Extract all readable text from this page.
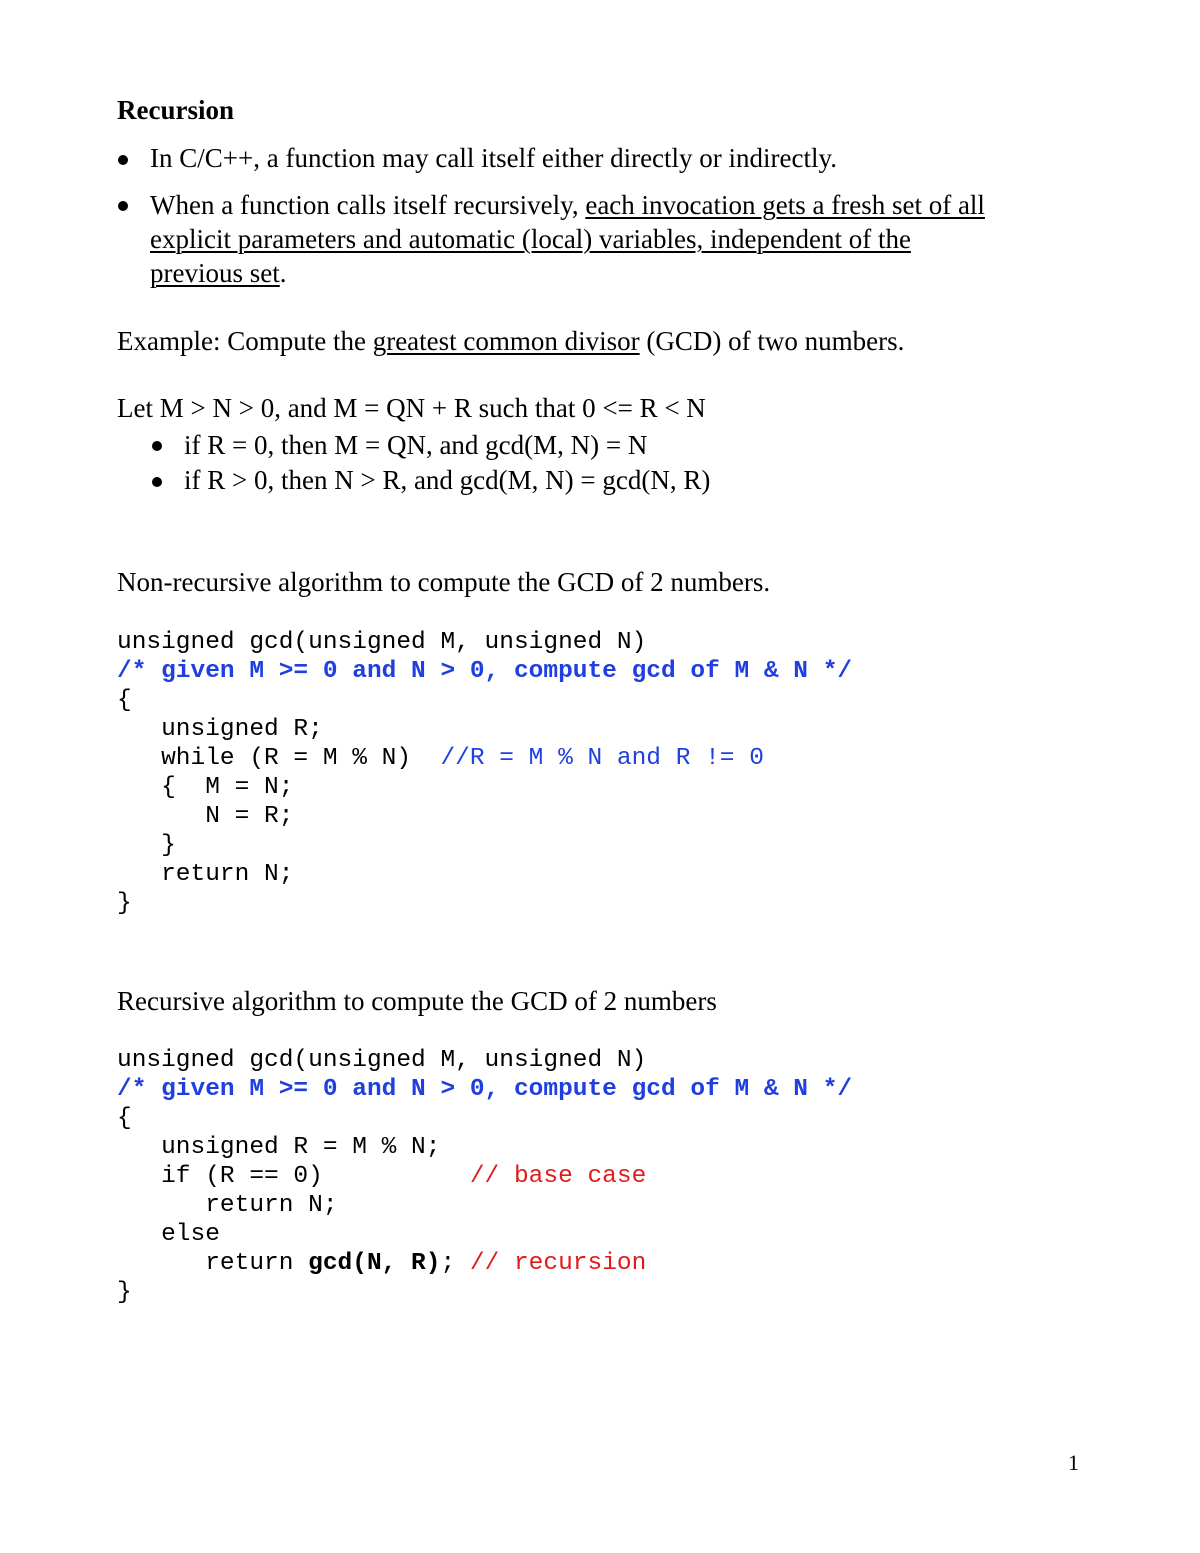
Recursion
In C/C++, a function may call itself either directly or indirectly.
When a function calls itself recursively, each invocation gets a fresh set of all
explicit parameters and automatic (local) variables, independent of the
previous set.
Example: Compute the greatest common divisor (GCD) of two numbers.
Let M > N > 0, and M = QN + R such that 0 <= R < N
if R = 0, then M = QN, and gcd(M, N) = N
if R > 0, then N > R, and gcd(M, N) = gcd(N, R)
Non-recursive algorithm to compute the GCD of 2 numbers.
unsigned gcd(unsigned M, unsigned N)
/* given M >= 0 and N > 0, compute gcd of M & N */
{
unsigned R;
while (R = M % N)  //R = M % N and R != 0
{  M = N;
N = R;
}
return N;
}
Recursive algorithm to compute the GCD of 2 numbers
unsigned gcd(unsigned M, unsigned N)
/* given M >= 0 and N > 0, compute gcd of M & N */
{
unsigned R = M % N;
if (R == 0)          // base case
return N;
else
return gcd(N, R); // recursion
}
1
